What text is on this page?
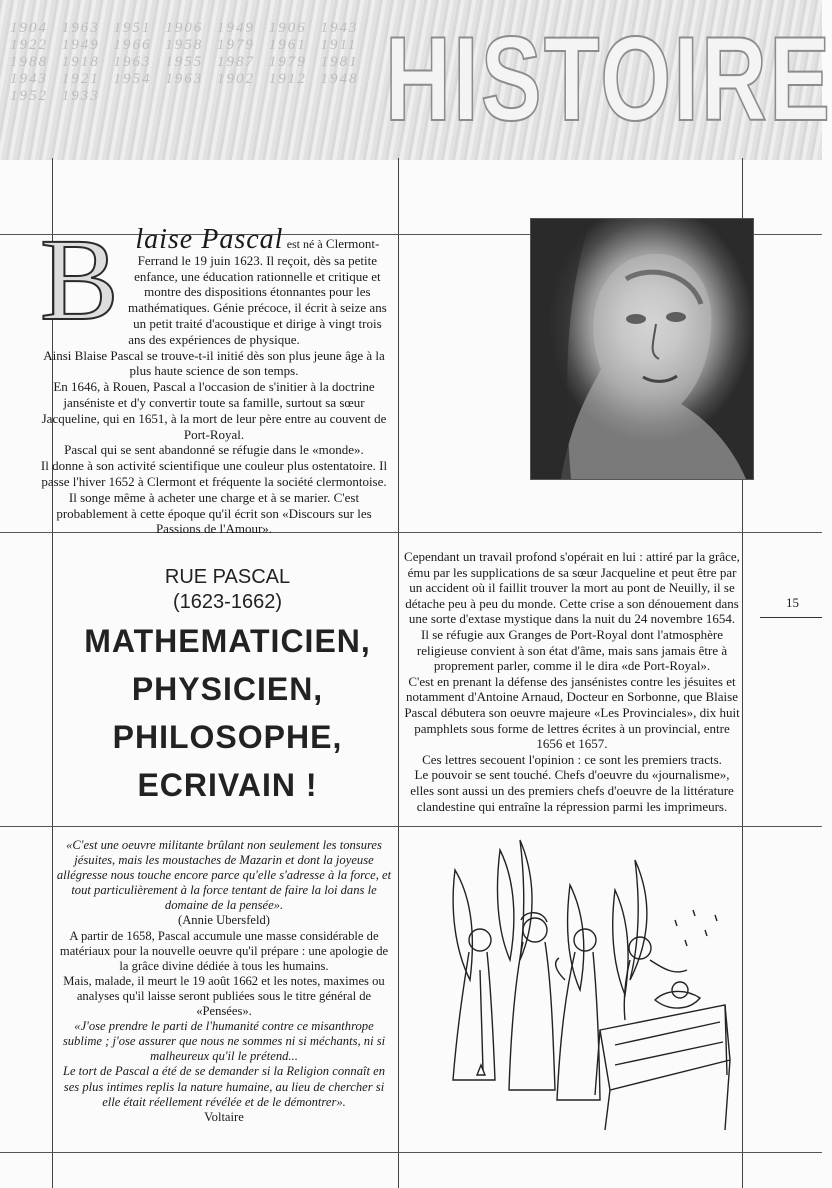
1904 1963 1951 1906 1949 1906 1943 1922 1949 1966 1958 1979 1961 1911 1988 1918 1963 1955 1987 1979 1981 1943 1921 1954 1963 1902 1912 1948 1952 1933	HISTOIRE
B laise Pascal est né à Clermont-Ferrand le 19 juin 1623. Il reçoit, dès sa petite enfance, une éducation rationnelle et critique et montre des dispositions étonnantes pour les mathématiques. Génie précoce, il écrit à seize ans un petit traité d'acoustique et dirige à vingt trois ans des expériences de physique.
Ainsi Blaise Pascal se trouve-t-il initié dès son plus jeune âge à la plus haute science de son temps.
En 1646, à Rouen, Pascal a l'occasion de s'initier à la doctrine janséniste et d'y convertir toute sa famille, surtout sa sœur Jacqueline, qui en 1651, à la mort de leur père entre au couvent de Port-Royal.
Pascal qui se sent abandonné se réfugie dans le «monde».
Il donne à son activité scientifique une couleur plus ostentatoire. Il passe l'hiver 1652 à Clermont et fréquente la société clermontoise. Il songe même à acheter une charge et à se marier. C'est probablement à cette époque qu'il écrit son «Discours sur les Passions de l'Amour».
RUE PASCAL
(1623-1662)
MATHEMATICIEN,
PHYSICIEN,
PHILOSOPHE,
ECRIVAIN !
Cependant un travail profond s'opérait en lui : attiré par la grâce, ému par les supplications de sa sœur Jacqueline et peut être par un accident où il faillit trouver la mort au pont de Neuilly, il se détache peu à peu du monde. Cette crise a son dénouement dans une sorte d'extase mystique dans la nuit du 24 novembre 1654. Il se réfugie aux Granges de Port-Royal dont l'atmosphère religieuse convient à son état d'âme, mais sans jamais être à proprement parler, comme il le dira «de Port-Royal».
C'est en prenant la défense des jansénistes contre les jésuites et notamment d'Antoine Arnaud, Docteur en Sorbonne, que Blaise Pascal débutera son oeuvre majeure «Les Provinciales», dix huit pamphlets sous forme de lettres écrites à un provincial, entre 1656 et 1657.
Ces lettres secouent l'opinion : ce sont les premiers tracts.
Le pouvoir se sent touché. Chefs d'oeuvre du «journalisme», elles sont aussi un des premiers chefs d'oeuvre de la littérature clandestine qui entraîne la répression parmi les imprimeurs.
15
«C'est une oeuvre militante brûlant non seulement les tonsures jésuites, mais les moustaches de Mazarin et dont la joyeuse allégresse nous touche encore parce qu'elle s'adresse à la force, et tout particulièrement à la force tentant de faire la loi dans le domaine de la pensée».
(Annie Ubersfeld)
A partir de 1658, Pascal accumule une masse considérable de matériaux pour la nouvelle oeuvre qu'il prépare : une apologie de la grâce divine dédiée à tous les humains.
Mais, malade, il meurt le 19 août 1662 et les notes, maximes ou analyses qu'il laisse seront publiées sous le titre général de «Pensées».
«J'ose prendre le parti de l'humanité contre ce misanthrope sublime ; j'ose assurer que nous ne sommes ni si méchants, ni si malheureux qu'il le prétend...
Le tort de Pascal a été de se demander si la Religion connaît en ses plus intimes replis la nature humaine, au lieu de chercher si elle était réellement révélée et de le démontrer».
Voltaire
